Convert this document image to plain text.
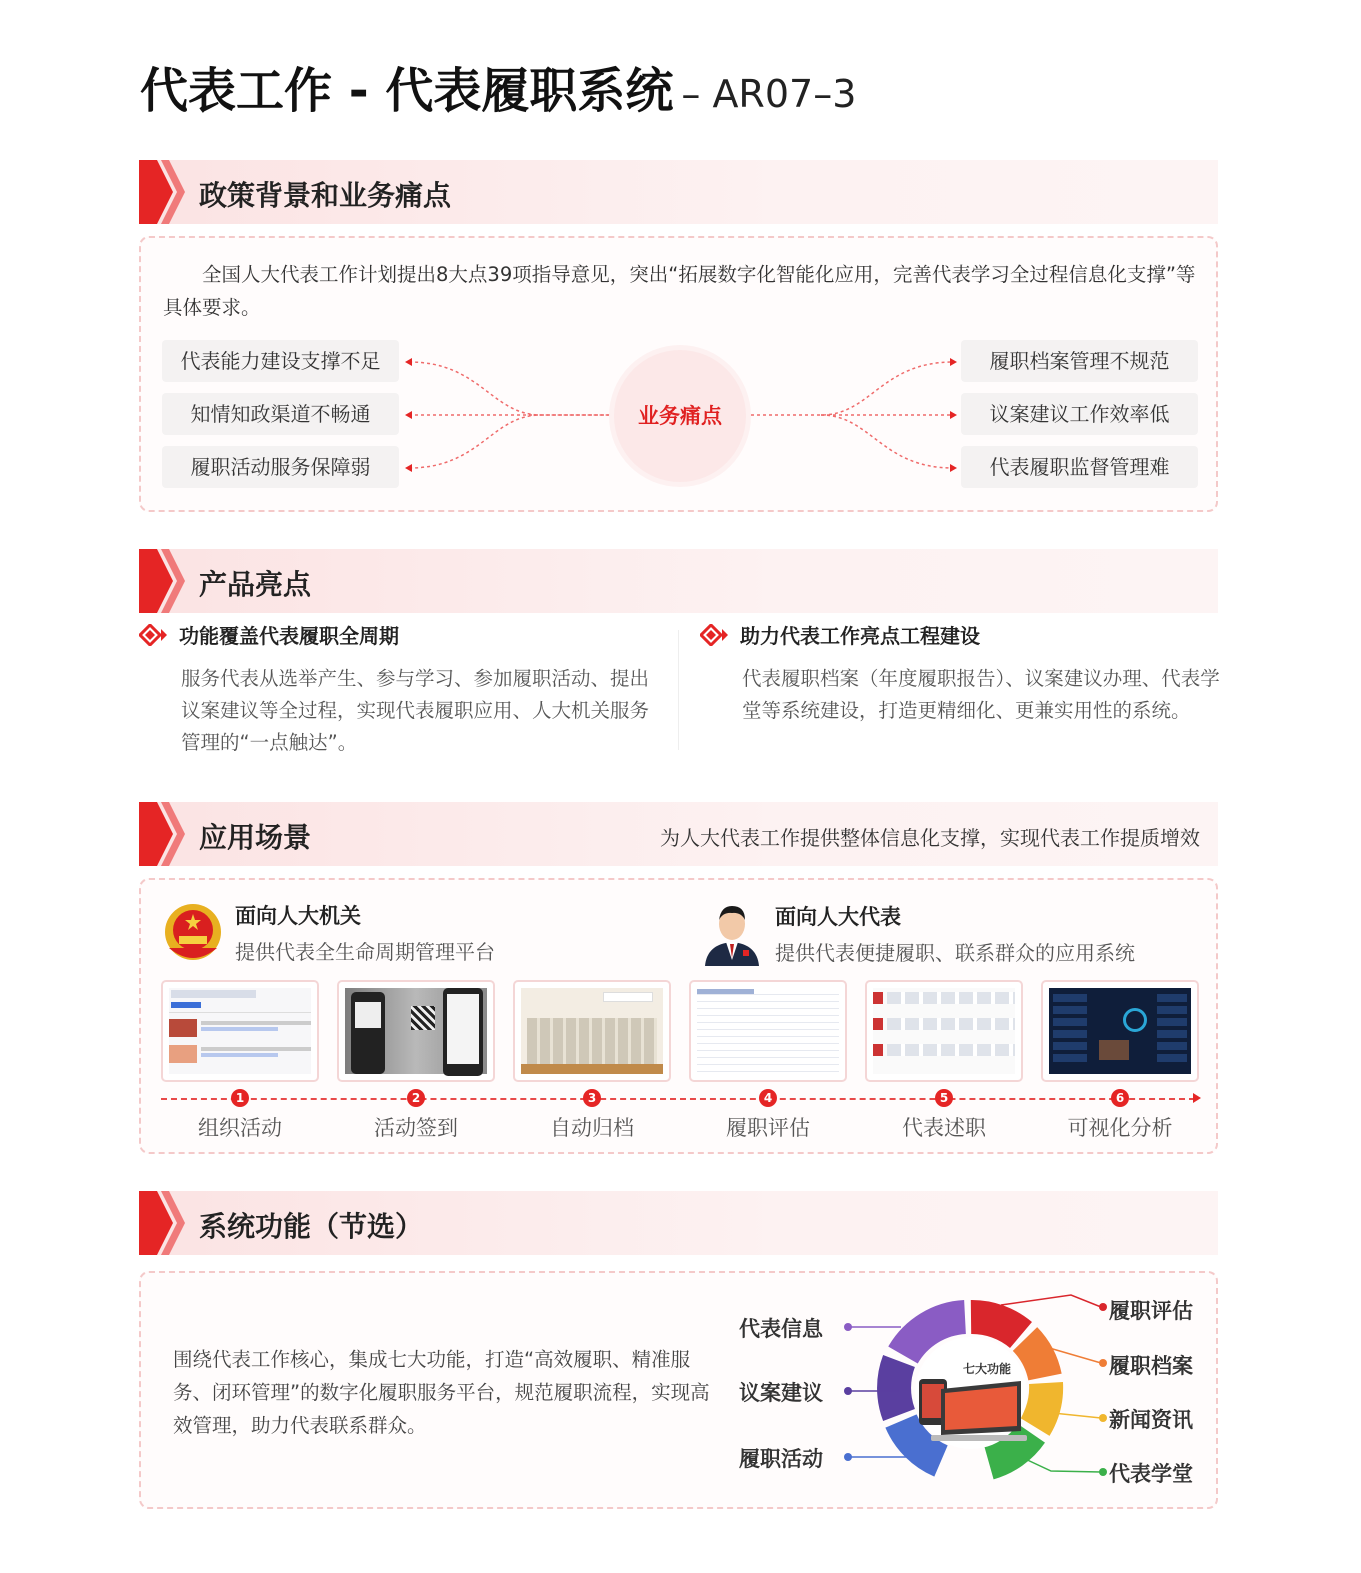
代表工作 - 代表履职系统 – AR07–3
政策背景和业务痛点
全国人大代表工作计划提出8大点39项指导意见，突出“拓展数字化智能化应用，完善代表学习全过程信息化支撑”等具体要求。
代表能力建设支撑不足
知情知政渠道不畅通
履职活动服务保障弱
业务痛点
履职档案管理不规范
议案建议工作效率低
代表履职监督管理难
产品亮点
功能覆盖代表履职全周期
服务代表从选举产生、参与学习、参加履职活动、提出议案建议等全过程，实现代表履职应用、人大机关服务管理的“一点触达”。
助力代表工作亮点工程建设
代表履职档案（年度履职报告）、议案建议办理、代表学堂等系统建设，打造更精细化、更兼实用性的系统。
应用场景	为人大代表工作提供整体信息化支撑，实现代表工作提质增效
面向人大机关
提供代表全生命周期管理平台
面向人大代表
提供代表便捷履职、联系群众的应用系统
1	2	3	4	5	6
组织活动	活动签到	自动归档	履职评估	代表述职	可视化分析
系统功能（节选）
围绕代表工作核心，集成七大功能，打造“高效履职、精准服务、闭环管理”的数字化履职服务平台，规范履职流程，实现高效管理，助力代表联系群众。
七大功能
代表信息
议案建议
履职活动
履职评估
履职档案
新闻资讯
代表学堂
